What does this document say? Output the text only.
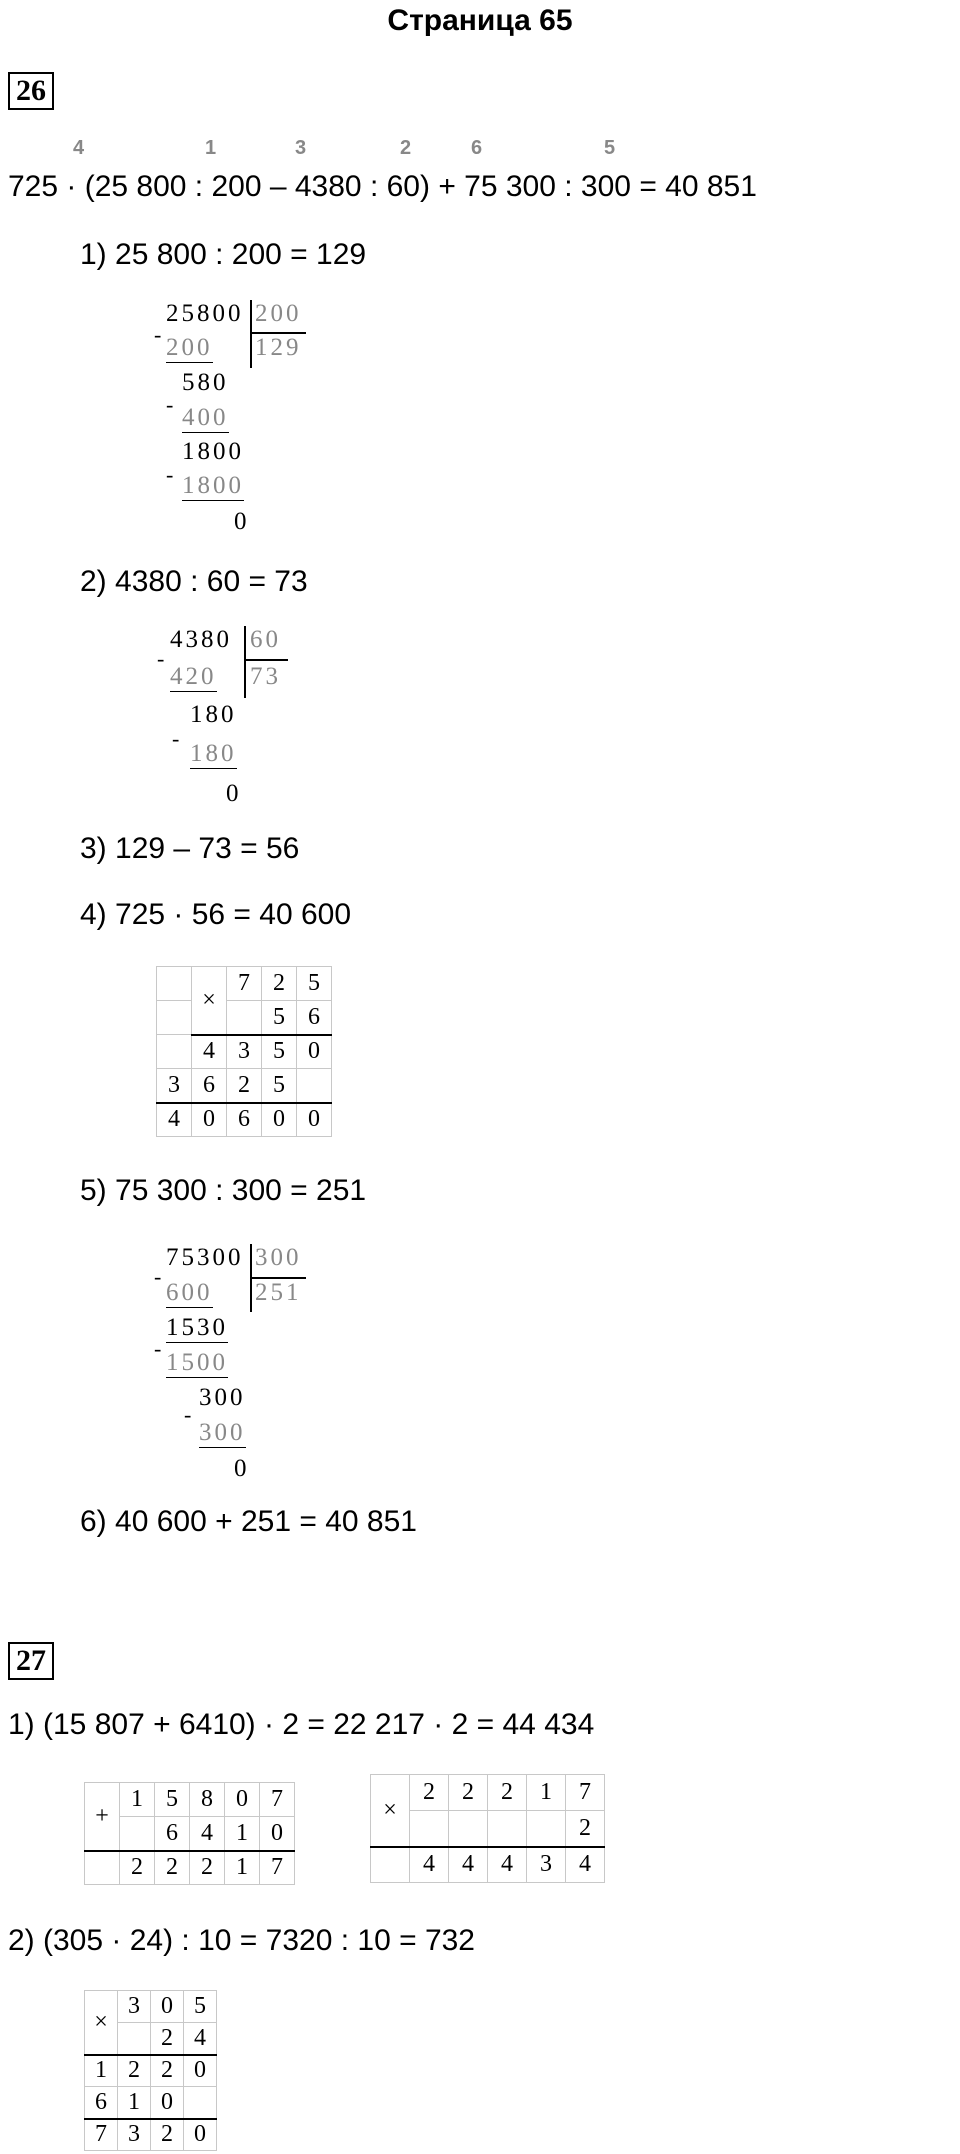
Страница 65
26
4	1	3	2	6	5
725 · (25 800 : 200 – 4380 : 60) + 75 300 : 300 = 40 851
1) 25 800 : 200 = 129
25800 200
129
- 200
580
- 400
1800
- 1800
0
2) 4380 : 60 = 73
4380 60
73
-
420
180
-
180
0
3) 129 – 73 = 56
4) 725 · 56 = 40 600
	×	7	2	5
			5	6
	4	3	5	0
3	6	2	5	
4	0	6	0	0
5) 75 300 : 300 = 251
75300 300
251
-
600
1530
-
1500
300
-
300
0
6) 40 600 + 251 = 40 851
27
1) (15 807 + 6410) · 2 = 22 217 · 2 = 44 434
+	1	5	8	0	7
		6	4	1	0
	2	2	2	1	7
×	2	2	2	1	7
					2
	4	4	4	3	4
2) (305 · 24) : 10 = 7320 : 10 = 732
×	3	0	5
		2	4
1	2	2	0
6	1	0	
7	3	2	0
